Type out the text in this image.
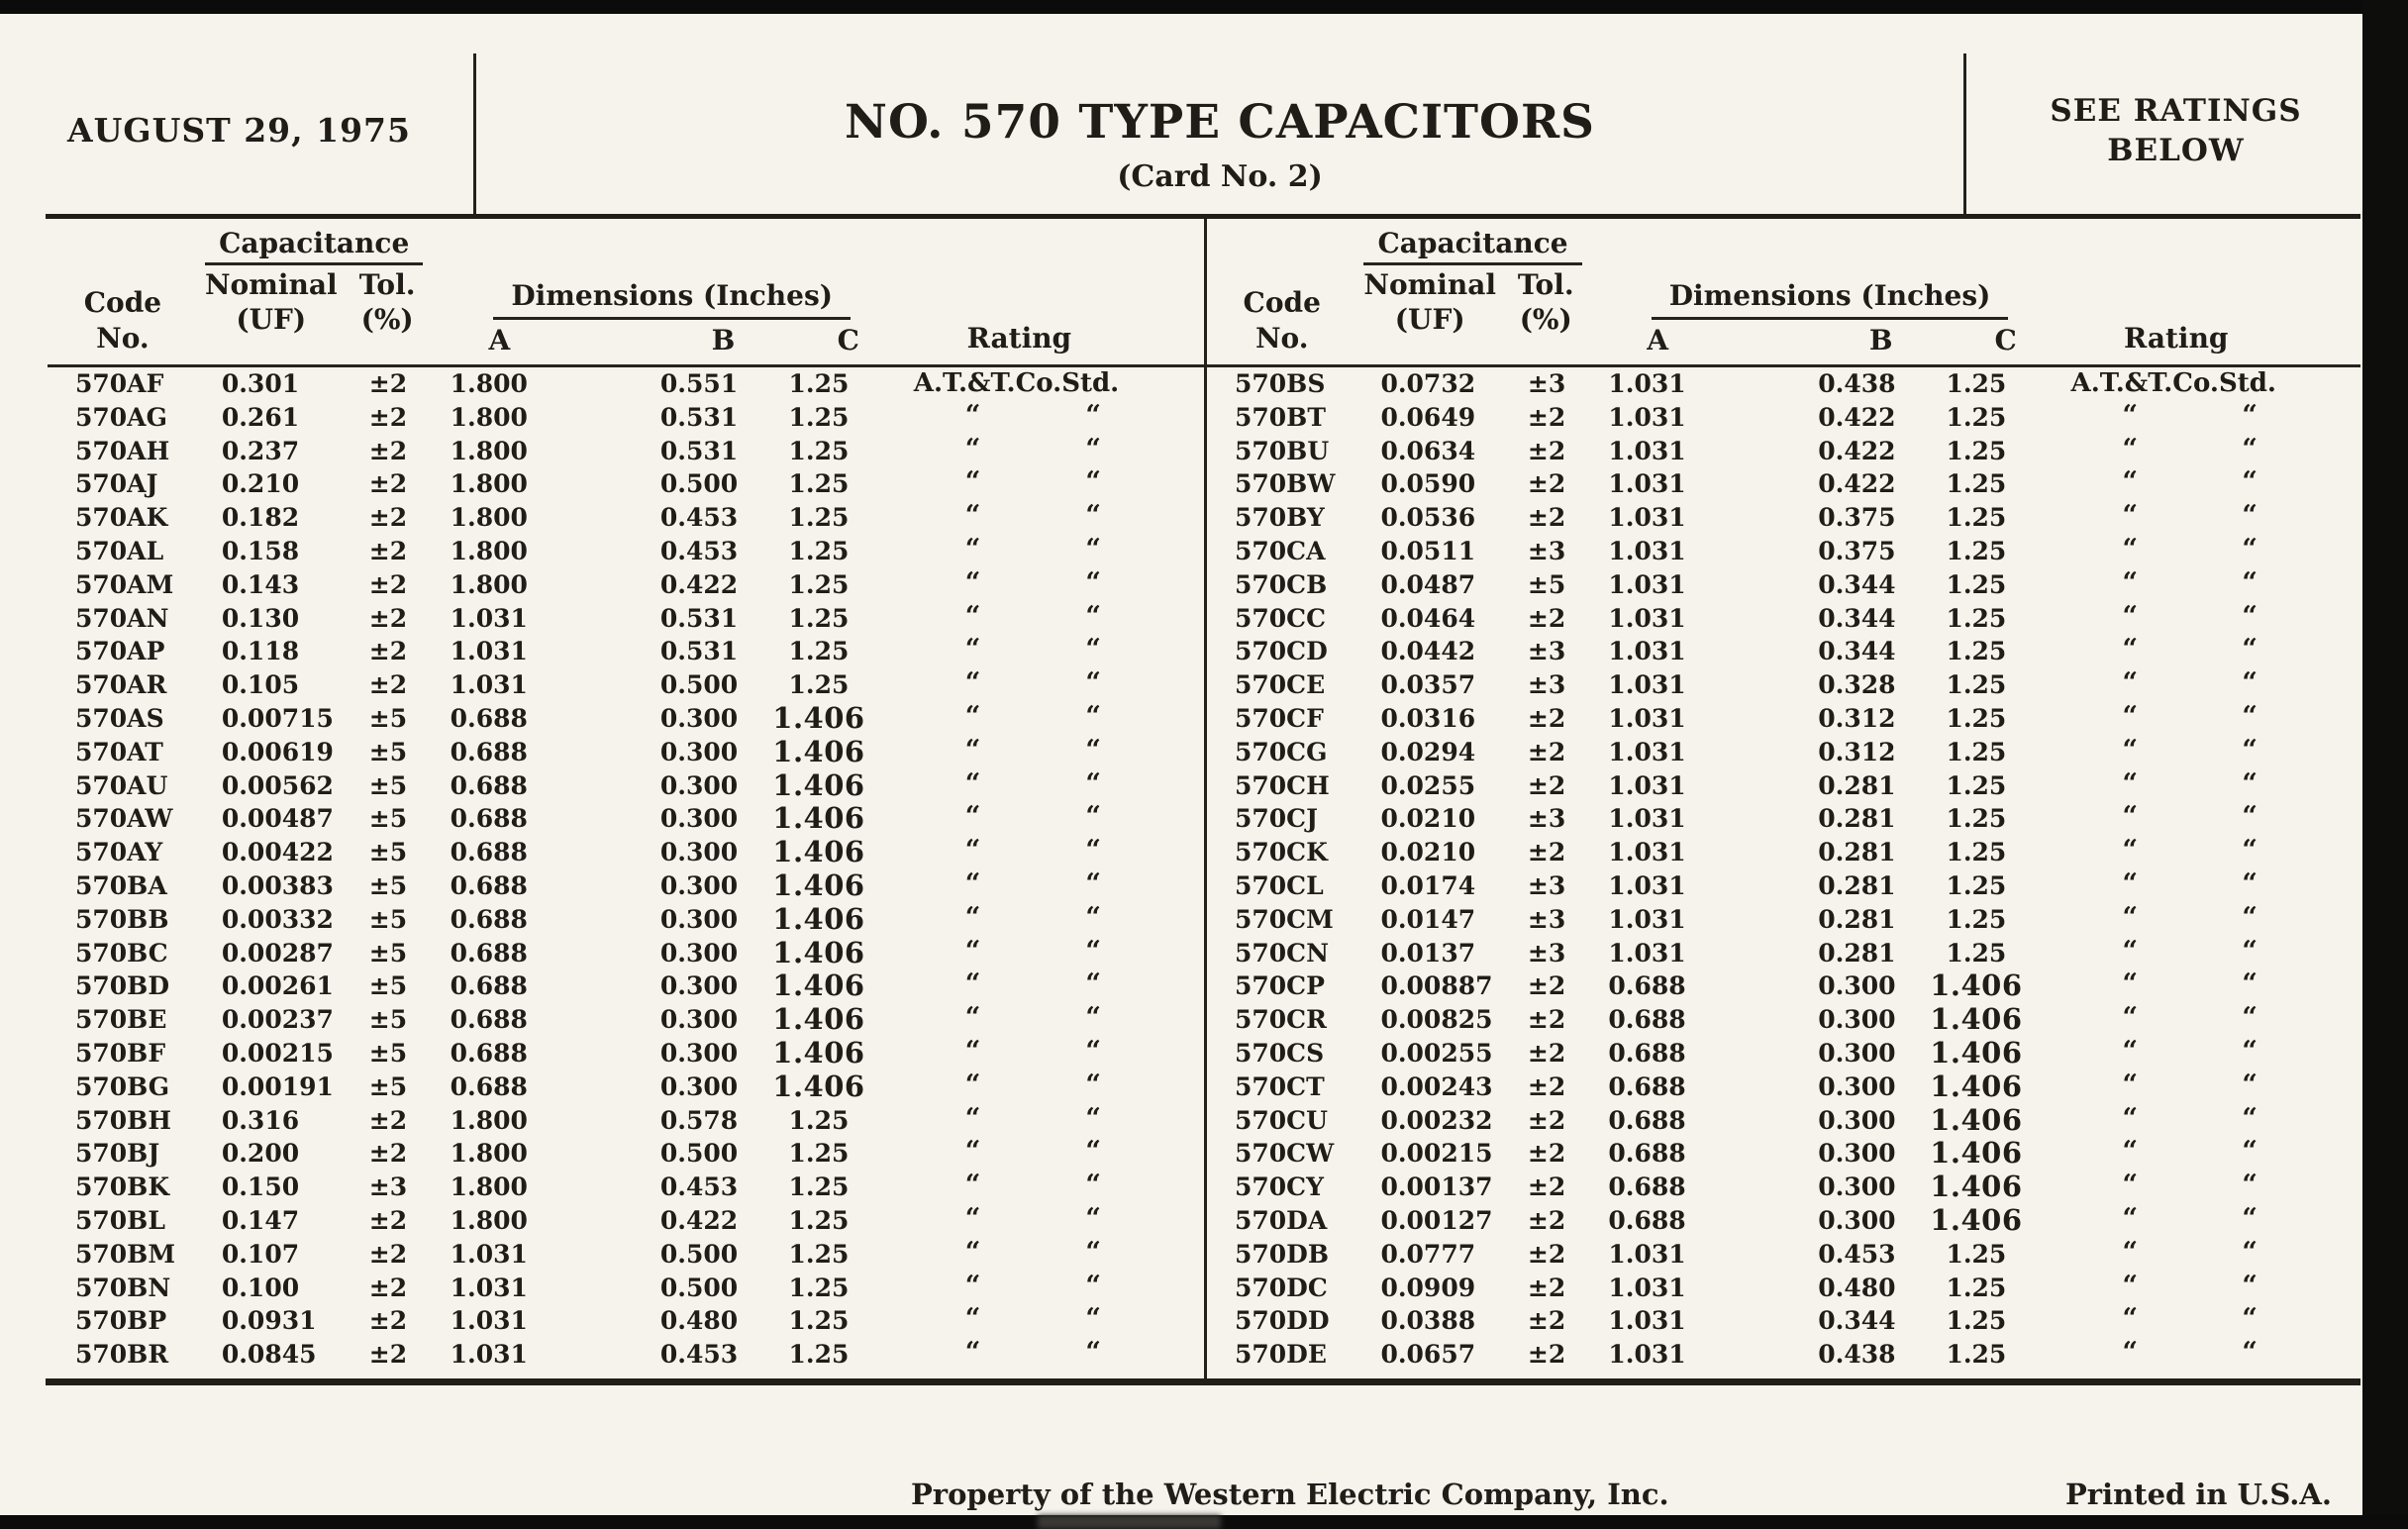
AUGUST 29, 1975	NO. 570 TYPE CAPACITORS
(Card No. 2)
SEE RATINGS
BELOW
Code
No.
Capacitance
Nominal
(UF)
Tol.
(%)
Dimensions (Inches)
A	B	C	Rating
570AF	0.301	±2	1.800	0.551	1.25	A.T.&T.Co.Std.
570AG	0.261	±2	1.800	0.531	1.25	“	“
570AH	0.237	±2	1.800	0.531	1.25	“	“
570AJ	0.210	±2	1.800	0.500	1.25	“	“
570AK	0.182	±2	1.800	0.453	1.25	“	“
570AL	0.158	±2	1.800	0.453	1.25	“	“
570AM	0.143	±2	1.800	0.422	1.25	“	“
570AN	0.130	±2	1.031	0.531	1.25	“	“
570AP	0.118	±2	1.031	0.531	1.25	“	“
570AR	0.105	±2	1.031	0.500	1.25	“	“
570AS	0.00715	±5	0.688	0.300	1.406	“	“
570AT	0.00619	±5	0.688	0.300	1.406	“	“
570AU	0.00562	±5	0.688	0.300	1.406	“	“
570AW	0.00487	±5	0.688	0.300	1.406	“	“
570AY	0.00422	±5	0.688	0.300	1.406	“	“
570BA	0.00383	±5	0.688	0.300	1.406	“	“
570BB	0.00332	±5	0.688	0.300	1.406	“	“
570BC	0.00287	±5	0.688	0.300	1.406	“	“
570BD	0.00261	±5	0.688	0.300	1.406	“	“
570BE	0.00237	±5	0.688	0.300	1.406	“	“
570BF	0.00215	±5	0.688	0.300	1.406	“	“
570BG	0.00191	±5	0.688	0.300	1.406	“	“
570BH	0.316	±2	1.800	0.578	1.25	“	“
570BJ	0.200	±2	1.800	0.500	1.25	“	“
570BK	0.150	±3	1.800	0.453	1.25	“	“
570BL	0.147	±2	1.800	0.422	1.25	“	“
570BM	0.107	±2	1.031	0.500	1.25	“	“
570BN	0.100	±2	1.031	0.500	1.25	“	“
570BP	0.0931	±2	1.031	0.480	1.25	“	“
570BR	0.0845	±2	1.031	0.453	1.25	“	“
Code
No.
Capacitance
Nominal
(UF)
Tol.
(%)
Dimensions (Inches)
A	B	C	Rating
570BS	0.0732	±3	1.031	0.438	1.25	A.T.&T.Co.Std.
570BT	0.0649	±2	1.031	0.422	1.25	“	“
570BU	0.0634	±2	1.031	0.422	1.25	“	“
570BW	0.0590	±2	1.031	0.422	1.25	“	“
570BY	0.0536	±2	1.031	0.375	1.25	“	“
570CA	0.0511	±3	1.031	0.375	1.25	“	“
570CB	0.0487	±5	1.031	0.344	1.25	“	“
570CC	0.0464	±2	1.031	0.344	1.25	“	“
570CD	0.0442	±3	1.031	0.344	1.25	“	“
570CE	0.0357	±3	1.031	0.328	1.25	“	“
570CF	0.0316	±2	1.031	0.312	1.25	“	“
570CG	0.0294	±2	1.031	0.312	1.25	“	“
570CH	0.0255	±2	1.031	0.281	1.25	“	“
570CJ	0.0210	±3	1.031	0.281	1.25	“	“
570CK	0.0210	±2	1.031	0.281	1.25	“	“
570CL	0.0174	±3	1.031	0.281	1.25	“	“
570CM	0.0147	±3	1.031	0.281	1.25	“	“
570CN	0.0137	±3	1.031	0.281	1.25	“	“
570CP	0.00887	±2	0.688	0.300	1.406	“	“
570CR	0.00825	±2	0.688	0.300	1.406	“	“
570CS	0.00255	±2	0.688	0.300	1.406	“	“
570CT	0.00243	±2	0.688	0.300	1.406	“	“
570CU	0.00232	±2	0.688	0.300	1.406	“	“
570CW	0.00215	±2	0.688	0.300	1.406	“	“
570CY	0.00137	±2	0.688	0.300	1.406	“	“
570DA	0.00127	±2	0.688	0.300	1.406	“	“
570DB	0.0777	±2	1.031	0.453	1.25	“	“
570DC	0.0909	±2	1.031	0.480	1.25	“	“
570DD	0.0388	±2	1.031	0.344	1.25	“	“
570DE	0.0657	±2	1.031	0.438	1.25	“	“
Property of the Western Electric Company, Inc.	Printed in U.S.A.
